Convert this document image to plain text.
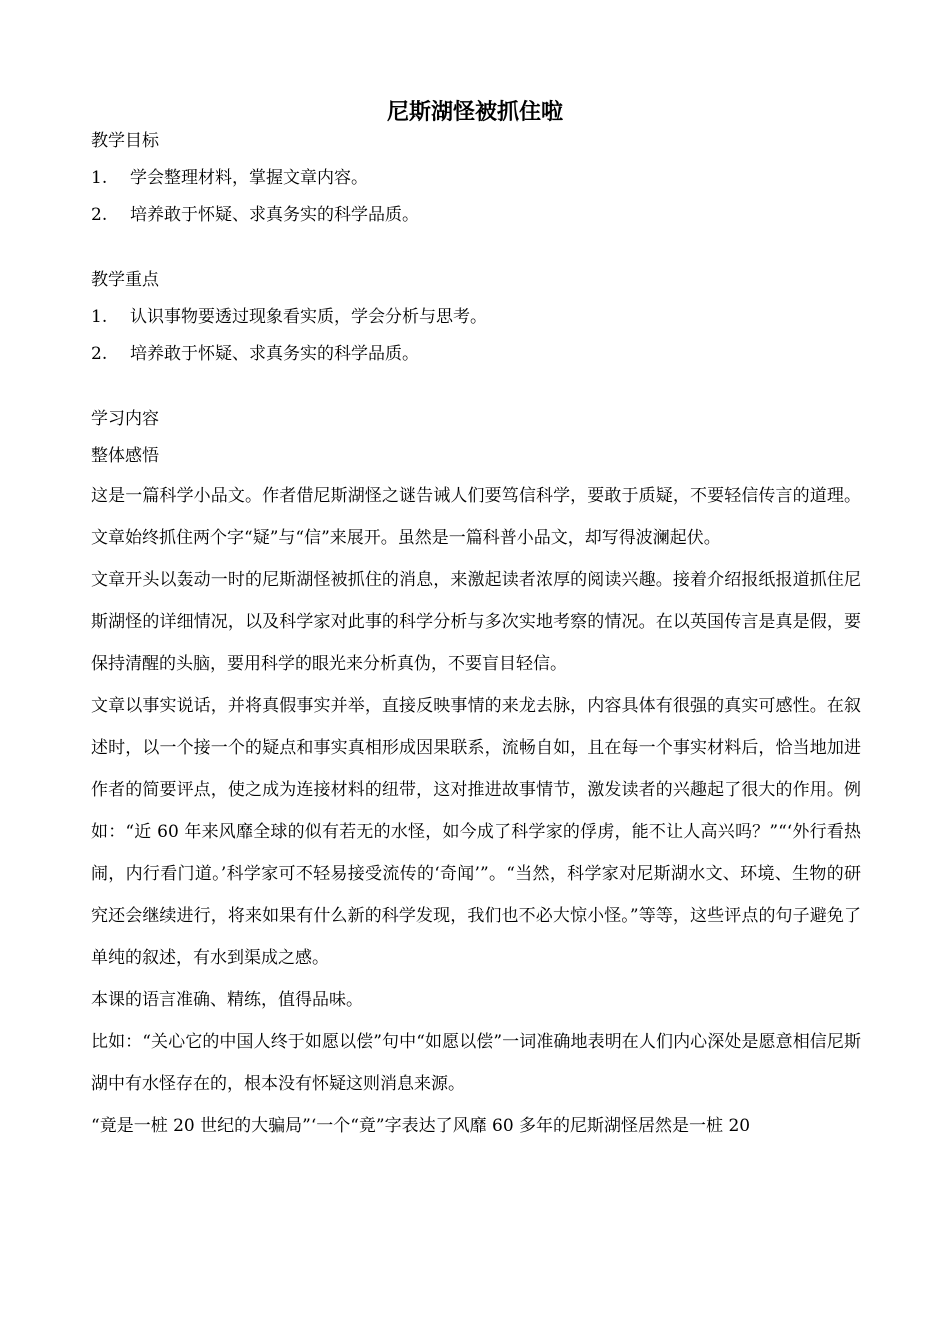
尼斯湖怪被抓住啦
教学目标
1.	学会整理材料，掌握文章内容。
2.	培养敢于怀疑、求真务实的科学品质。
教学重点
1.	认识事物要透过现象看实质，学会分析与思考。
2.	培养敢于怀疑、求真务实的科学品质。
学习内容
整体感悟

这是一篇科学小品文。作者借尼斯湖怪之谜告诫人们要笃信科学，要敢于质疑，不要轻信传言的道理。文章始终抓住两个字“疑”与“信”来展开。虽然是一篇科普小品文，却写得波澜起伏。

文章开头以轰动一时的尼斯湖怪被抓住的消息，来激起读者浓厚的阅读兴趣。接着介绍报纸报道抓住尼斯湖怪的详细情况，以及科学家对此事的科学分析与多次实地考察的情况。在以英国传言是真是假，要保持清醒的头脑，要用科学的眼光来分析真伪，不要盲目轻信。

文章以事实说话，并将真假事实并举，直接反映事情的来龙去脉，内容具体有很强的真实可感性。在叙述时，以一个接一个的疑点和事实真相形成因果联系，流畅自如，且在每一个事实材料后，恰当地加进作者的简要评点，使之成为连接材料的纽带，这对推进故事情节，激发读者的兴趣起了很大的作用。例如：“近 60 年来风靡全球的似有若无的水怪，如今成了科学家的俘虏，能不让人高兴吗？”“‘外行看热闹，内行看门道。’科学家可不轻易接受流传的‘奇闻’”。“当然，科学家对尼斯湖水文、环境、生物的研究还会继续进行，将来如果有什么新的科学发现，我们也不必大惊小怪。”等等，这些评点的句子避免了单纯的叙述，有水到渠成之感。

本课的语言准确、精练，值得品味。

比如：“关心它的中国人终于如愿以偿”句中“如愿以偿”一词准确地表明在人们内心深处是愿意相信尼斯湖中有水怪存在的，根本没有怀疑这则消息来源。

“竟是一桩 20 世纪的大骗局”‘一个“竟”字表达了风靡 60 多年的尼斯湖怪居然是一桩 20
